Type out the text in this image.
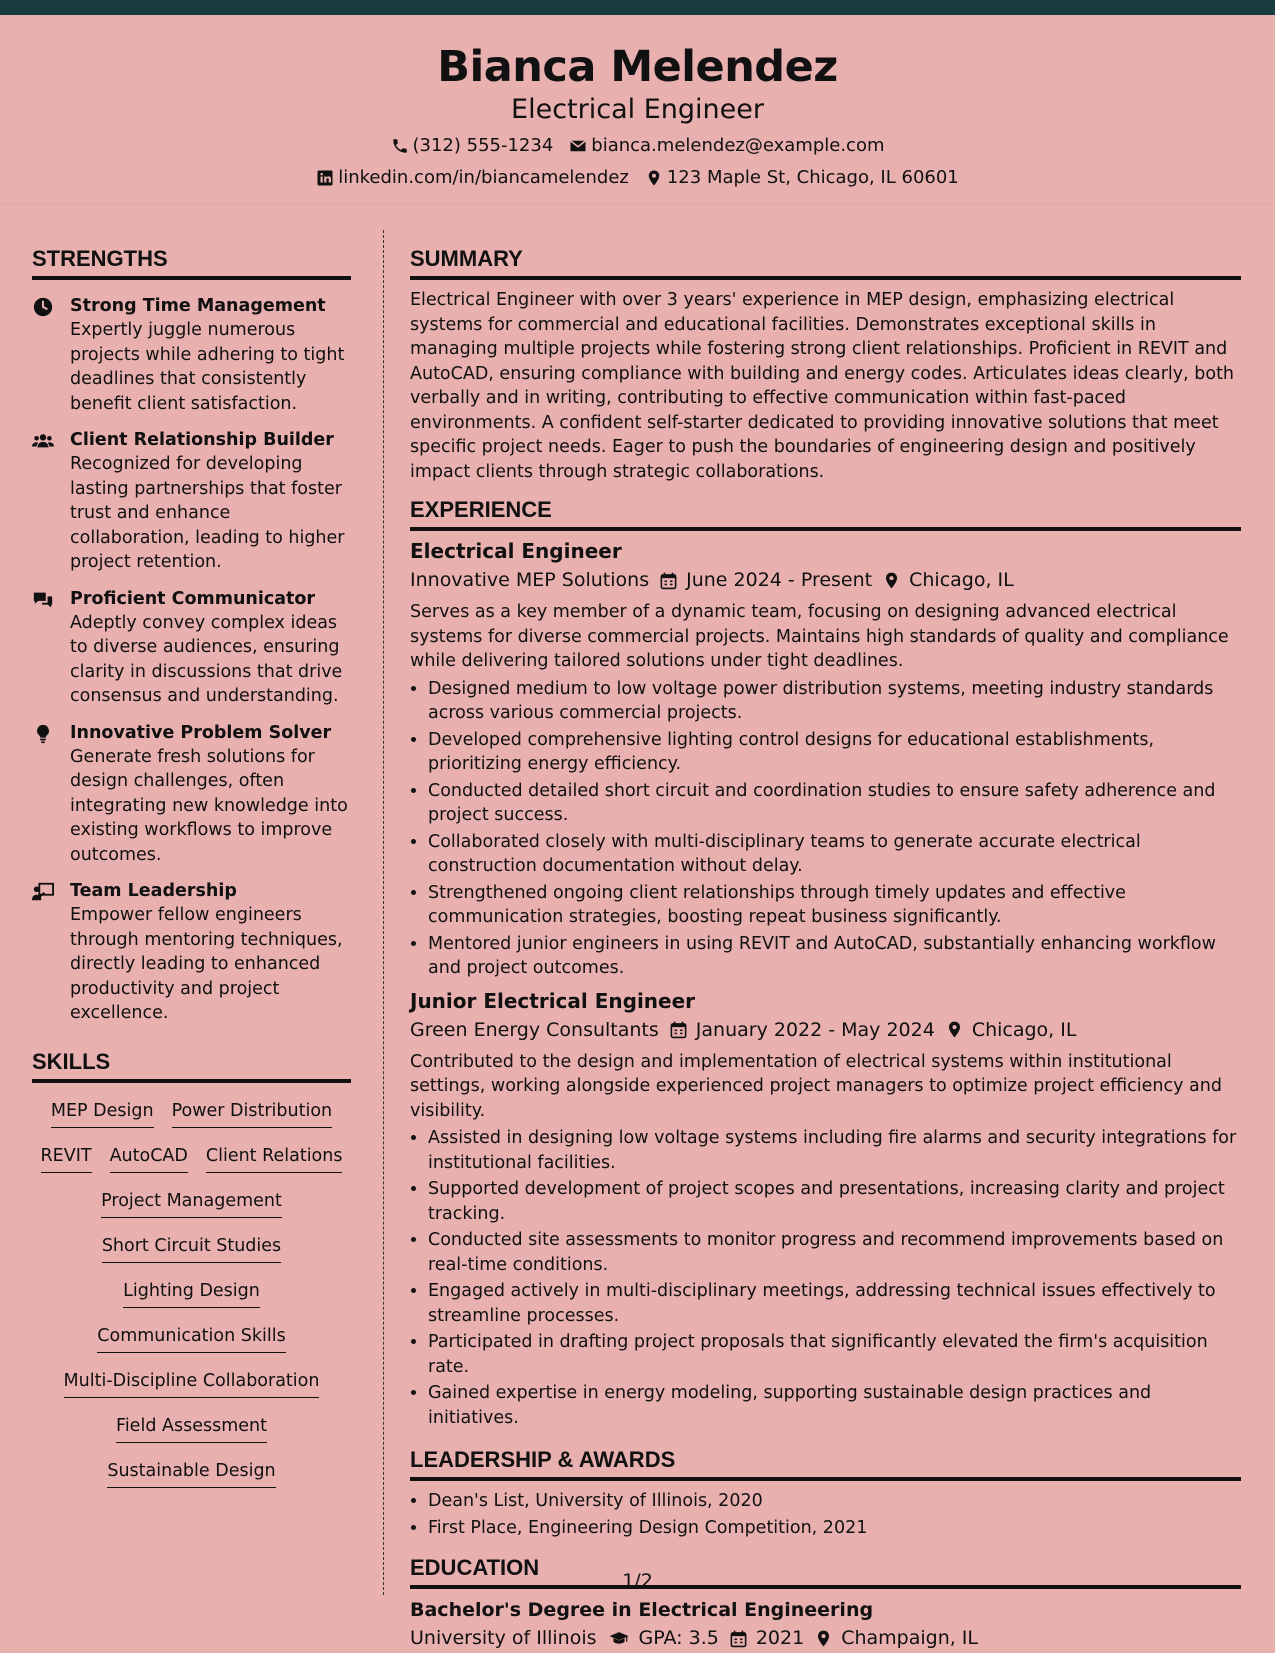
Bianca Melendez
Electrical Engineer
(312) 555-1234 bianca.melendez@example.com
linkedin.com/in/biancamelendez 123 Maple St, Chicago, IL 60601
STRENGTHS
Strong Time Management
Expertly juggle numerous projects while adhering to tight deadlines that consistently benefit client satisfaction.
Client Relationship Builder
Recognized for developing lasting partnerships that foster trust and enhance collaboration, leading to higher project retention.
Proficient Communicator
Adeptly convey complex ideas to diverse audiences, ensuring clarity in discussions that drive consensus and understanding.
Innovative Problem Solver
Generate fresh solutions for design challenges, often integrating new knowledge into existing workflows to improve outcomes.
Team Leadership
Empower fellow engineers through mentoring techniques, directly leading to enhanced productivity and project excellence.
SKILLS
MEP Design Power Distribution
REVIT AutoCAD Client Relations
Project Management
Short Circuit Studies
Lighting Design
Communication Skills
Multi-Discipline Collaboration
Field Assessment
Sustainable Design
SUMMARY

Electrical Engineer with over 3 years' experience in MEP design, emphasizing electrical systems for commercial and educational facilities. Demonstrates exceptional skills in managing multiple projects while fostering strong client relationships. Proficient in REVIT and AutoCAD, ensuring compliance with building and energy codes. Articulates ideas clearly, both verbally and in writing, contributing to effective communication within fast-paced environments. A confident self-starter dedicated to providing innovative solutions that meet specific project needs. Eager to push the boundaries of engineering design and positively impact clients through strategic collaborations.

EXPERIENCE
Electrical Engineer
Innovative MEP Solutions June 2024 - Present Chicago, IL

Serves as a key member of a dynamic team, focusing on designing advanced electrical systems for diverse commercial projects. Maintains high standards of quality and compliance while delivering tailored solutions under tight deadlines.

• Designed medium to low voltage power distribution systems, meeting industry standards across various commercial projects.
• Developed comprehensive lighting control designs for educational establishments, prioritizing energy efficiency.
• Conducted detailed short circuit and coordination studies to ensure safety adherence and project success.
• Collaborated closely with multi-disciplinary teams to generate accurate electrical construction documentation without delay.
• Strengthened ongoing client relationships through timely updates and effective communication strategies, boosting repeat business significantly.
• Mentored junior engineers in using REVIT and AutoCAD, substantially enhancing workflow and project outcomes.
Junior Electrical Engineer
Green Energy Consultants January 2022 - May 2024 Chicago, IL

Contributed to the design and implementation of electrical systems within institutional settings, working alongside experienced project managers to optimize project efficiency and visibility.

• Assisted in designing low voltage systems including fire alarms and security integrations for institutional facilities.
• Supported development of project scopes and presentations, increasing clarity and project tracking.
• Conducted site assessments to monitor progress and recommend improvements based on real-time conditions.
• Engaged actively in multi-disciplinary meetings, addressing technical issues effectively to streamline processes.
• Participated in drafting project proposals that significantly elevated the firm's acquisition rate.
• Gained expertise in energy modeling, supporting sustainable design practices and initiatives.
LEADERSHIP & AWARDS
• Dean's List, University of Illinois, 2020
• First Place, Engineering Design Competition, 2021
EDUCATION
Bachelor's Degree in Electrical Engineering
University of Illinois GPA: 3.5 2021 Champaign, IL
1/2
